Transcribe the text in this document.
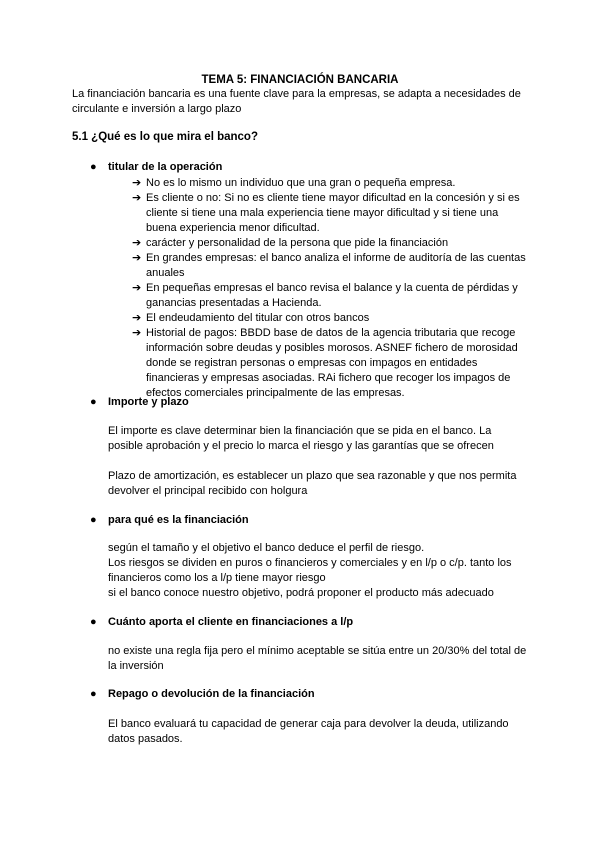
TEMA 5: FINANCIACIÓN BANCARIA
La financiación bancaria es una fuente clave para la empresas, se adapta a necesidades de circulante e inversión a largo plazo
5.1 ¿Qué es lo que mira el banco?
● titular de la operación
➔ No es lo mismo un individuo que una gran o pequeña empresa.
➔ Es cliente o no: Si no es cliente tiene mayor dificultad en la concesión y si es cliente si tiene una mala experiencia tiene mayor dificultad y si tiene una buena experiencia menor dificultad.
➔ carácter y personalidad de la persona que pide la financiación
➔ En grandes empresas: el banco analiza el informe de auditoría de las cuentas anuales
➔ En pequeñas empresas el banco revisa el balance y la cuenta de pérdidas y ganancias presentadas a Hacienda.
➔ El endeudamiento del titular con otros bancos
➔ Historial de pagos: BBDD base de datos de la agencia tributaria que recoge información sobre deudas y posibles morosos. ASNEF fichero de morosidad donde se registran personas o empresas con impagos en entidades financieras y empresas asociadas. RAi fichero que recoger los impagos de efectos comerciales principalmente de las empresas.
● Importe y plazo
El importe es clave determinar bien la financiación que se pida en el banco. La posible aprobación y el precio lo marca el riesgo y las garantías que se ofrecen
Plazo de amortización, es establecer un plazo que sea razonable y que nos permita devolver el principal recibido con holgura
● para qué es la financiación
según el tamaño y el objetivo el banco deduce el perfil de riesgo.
Los riesgos se dividen en puros o financieros y comerciales y en l/p o c/p. tanto los financieros como los a l/p tiene mayor riesgo
si el banco conoce nuestro objetivo, podrá proponer el producto más adecuado
● Cuánto aporta el cliente en financiaciones a l/p
no existe una regla fija pero el mínimo aceptable se sitúa entre un 20/30% del total de la inversión
● Repago o devolución de la financiación
El banco evaluará tu capacidad de generar caja para devolver la deuda, utilizando datos pasados.
